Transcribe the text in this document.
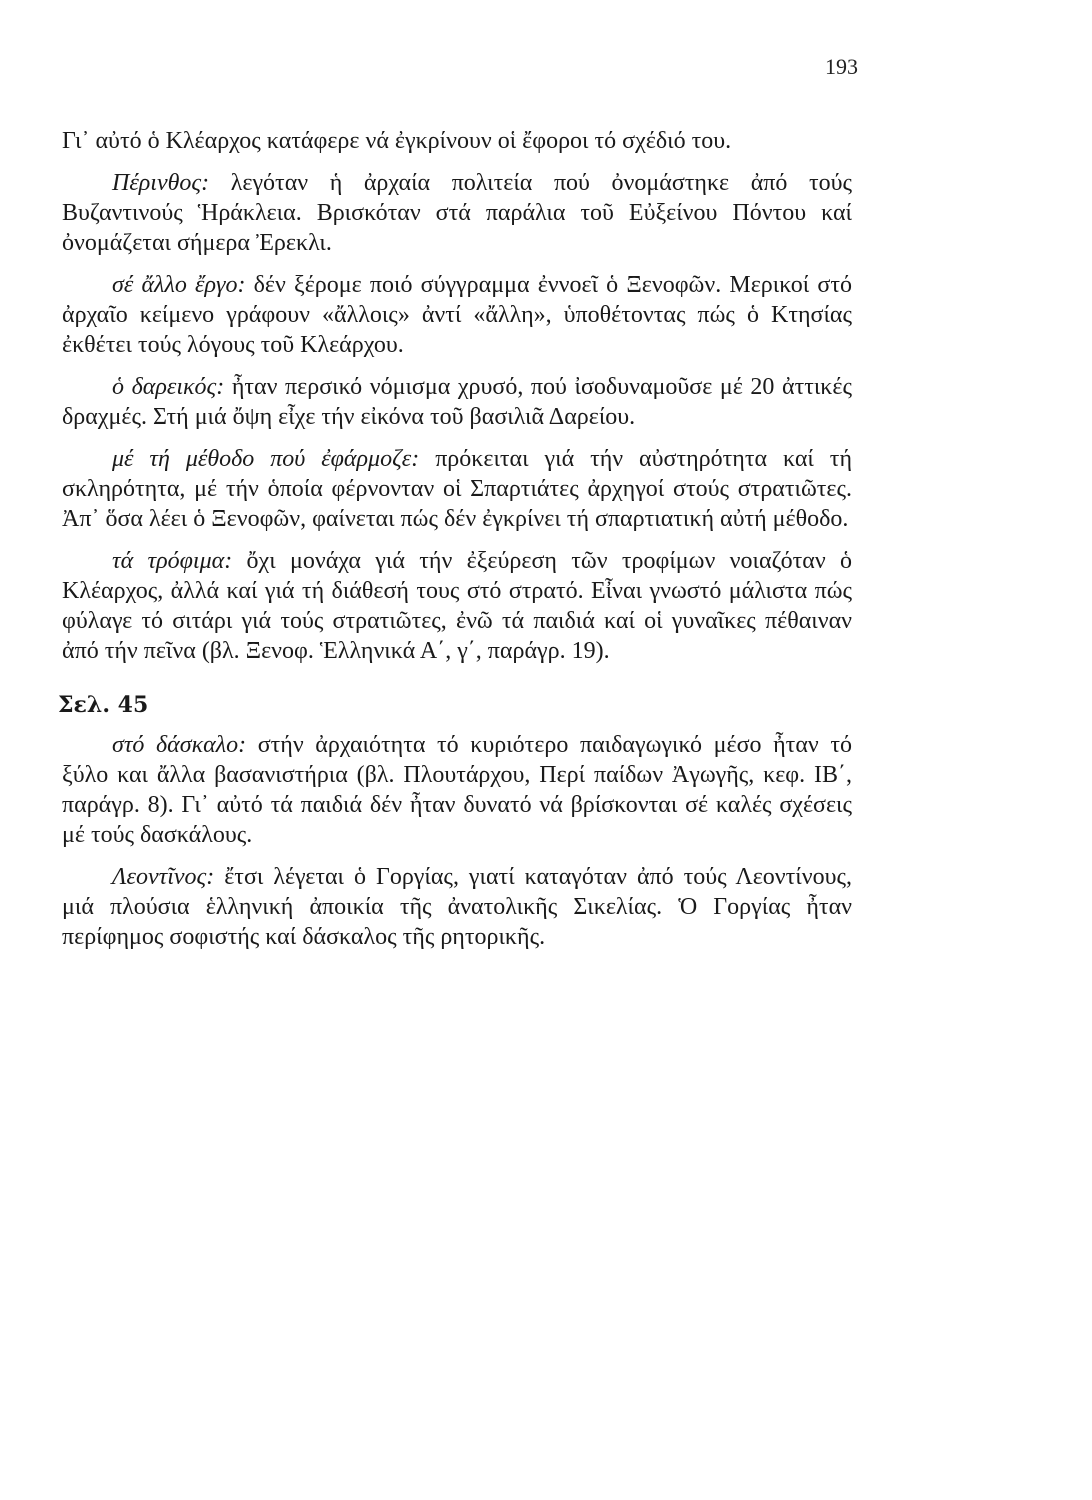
193

Γι᾽ αὐτό ὁ Κλέαρχος κατάφερε νά ἐγκρίνουν οἱ ἔφοροι τό σχέδιό του.

Πέρινθος: λεγόταν ἡ ἀρχαία πολιτεία πού ὀνομάστηκε ἀπό τούς Βυζαντινούς Ἡράκλεια. Βρισκόταν στά παράλια τοῦ Εὐξείνου Πόντου καί ὀνομάζεται σήμερα Ἐρεκλι.

σέ ἄλλο ἔργο: δέν ξέρομε ποιό σύγγραμμα ἐννοεῖ ὁ Ξενοφῶν. Μερικοί στό ἀρχαῖο κείμενο γράφουν «ἄλλοις» ἀντί «ἄλλη», ὑποθέτοντας πώς ὁ Κτησίας ἐκθέτει τούς λόγους τοῦ Κλεάρχου.

ὁ δαρεικός: ἦταν περσικό νόμισμα χρυσό, πού ἰσοδυναμοῦσε μέ 20 ἀττικές δραχμές. Στή μιά ὄψη εἶχε τήν εἰκόνα τοῦ βασιλιᾶ Δαρείου.

μέ τή μέθοδο πού ἐφάρμοζε: πρόκειται γιά τήν αὐστηρότητα καί τή σκληρότητα, μέ τήν ὁποία φέρνονταν οἱ Σπαρτιάτες ἀρχηγοί στούς στρατιῶτες. Ἀπ᾽ ὅσα λέει ὁ Ξενοφῶν, φαίνεται πώς δέν ἐγκρίνει τή σπαρτιατική αὐτή μέθοδο.

τά τρόφιμα: ὄχι μονάχα γιά τήν ἐξεύρεση τῶν τροφίμων νοιαζόταν ὁ Κλέαρχος, ἀλλά καί γιά τή διάθεσή τους στό στρατό. Εἶναι γνωστό μάλιστα πώς φύλαγε τό σιτάρι γιά τούς στρατιῶτες, ἐνῶ τά παιδιά καί οἱ γυναῖκες πέθαιναν ἀπό τήν πεῖνα (βλ. Ξενοφ. Ἑλληνικά Α΄, γ΄, παράγρ. 19).

Σελ. 45

στό δάσκαλο: στήν ἀρχαιότητα τό κυριότερο παιδαγωγικό μέσο ἦταν τό ξύλο και ἄλλα βασανιστήρια (βλ. Πλουτάρχου, Περί παίδων Ἀγωγῆς, κεφ. ΙΒ΄, παράγρ. 8). Γι᾽ αὐτό τά παιδιά δέν ἦταν δυνατό νά βρίσκονται σέ καλές σχέσεις μέ τούς δασκάλους.

Λεοντῖνος: ἔτσι λέγεται ὁ Γοργίας, γιατί καταγόταν ἀπό τούς Λεοντίνους, μιά πλούσια ἑλληνική ἀποικία τῆς ἀνατολικῆς Σικελίας. Ὁ Γοργίας ἦταν περίφημος σοφιστής καί δάσκαλος τῆς ρητορικῆς.
